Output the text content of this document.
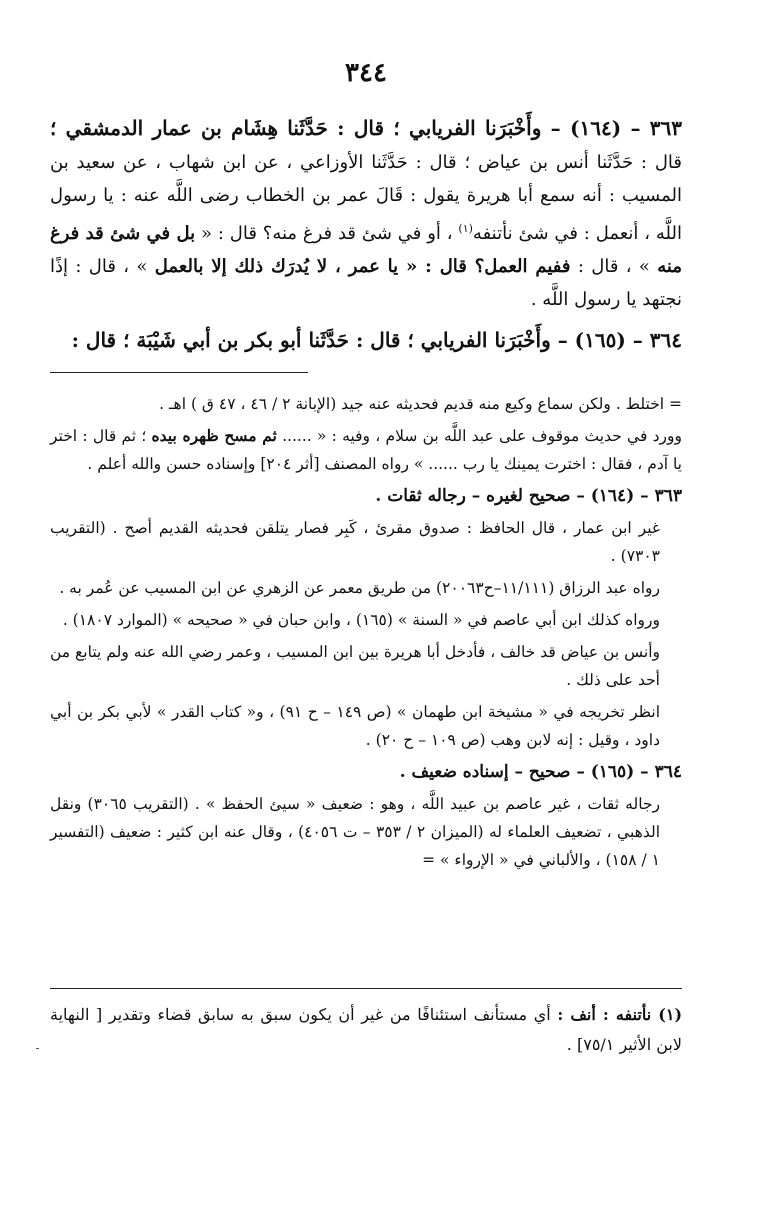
٣٤٤

٣٦٣ – (١٦٤) – وأَخْبَرَنا الفريابي ؛ قال : حَدَّثَنا هِشَام بن عمار الدمشقي ؛ قال : حَدَّثَنا أنس بن عياض ؛ قال : حَدَّثَنا الأوزاعي ، عن ابن شهاب ، عن سعيد بن المسيب : أنه سمع أبا هريرة يقول : قَالَ عمر بن الخطاب رضى اللَّه عنه : يا رسول اللَّه ، أنعمل : في شئ نأتنفه$^{(١)}$ ، أو في شئ قد فرغ منه؟ قال : « بل في شئ قد فرغ منه » ، قال : ففيم العمل؟ قال : « يا عمر ، لا يُدرَك ذلك إلا بالعمل » ، قال : إذًا نجتهد يا رسول اللَّه .

٣٦٤ – (١٦٥) – وأَخْبَرَنا الفريابي ؛ قال : حَدَّثَنا أبو بكر بن أبي شَيْبَة ؛ قال :

= اختلط . ولكن سماع وكيع منه قديم فحديثه عنه جيد (الإبانة ٢ / ٤٦ ، ٤٧ ق ) اهـ .

وورد في حديث موقوف على عبد اللَّه بن سلام ، وفيه : « ...... ثم مسح ظهره بيده ؛ ثم قال : اختر يا آدم ، فقال : اخترت يمينك يا رب ...... » رواه المصنف [أثر ٢٠٤] وإسناده حسن والله أعلم .

٣٦٣ – (١٦٤) – صحيح لغيره – رجاله ثقات .

غير ابن عمار ، قال الحافظ : صدوق مقرئ ، كَبِر فصار يتلقن فحديثه القديم أصح . (التقريب ٧٣٠٣) .

رواه عبد الرزاق (١١/١١١–ح٢٠٠٦٣) من طريق معمر عن الزهري عن ابن المسيب عن عُمر به .

ورواه كذلك ابن أبي عاصم في « السنة » (١٦٥) ، وابن حبان في « صحيحه » (الموارد ١٨٠٧) .

وأنس بن عياض قد خالف ، فأدخل أبا هريرة بين ابن المسيب ، وعمر رضي الله عنه ولم يتابع من أحد على ذلك .

انظر تخريجه في « مشيخة ابن طهمان » (ص ١٤٩ – ح ٩١) ، و« كتاب القدر » لأبي بكر بن أبي داود ، وقيل : إنه لابن وهب (ص ١٠٩ – ح ٢٠) .

٣٦٤ – (١٦٥) – صحيح – إسناده ضعيف .

رجاله ثقات ، غير عاصم بن عبيد اللَّه ، وهو : ضعيف « سيئ الحفظ » . (التقريب ٣٠٦٥) ونقل الذهبي ، تضعيف العلماء له (الميزان ٢ / ٣٥٣ – ت ٤٠٥٦) ، وقال عنه ابن كثير : ضعيف (التفسير ١ / ١٥٨) ، والألباني في « الإرواء » =

(١) نأتنفه : أنف : أي مستأنف استئنافًا من غير أن يكون سبق به سابق قضاء وتقدير [ النهاية لابن الأثير ٧٥/١] .
